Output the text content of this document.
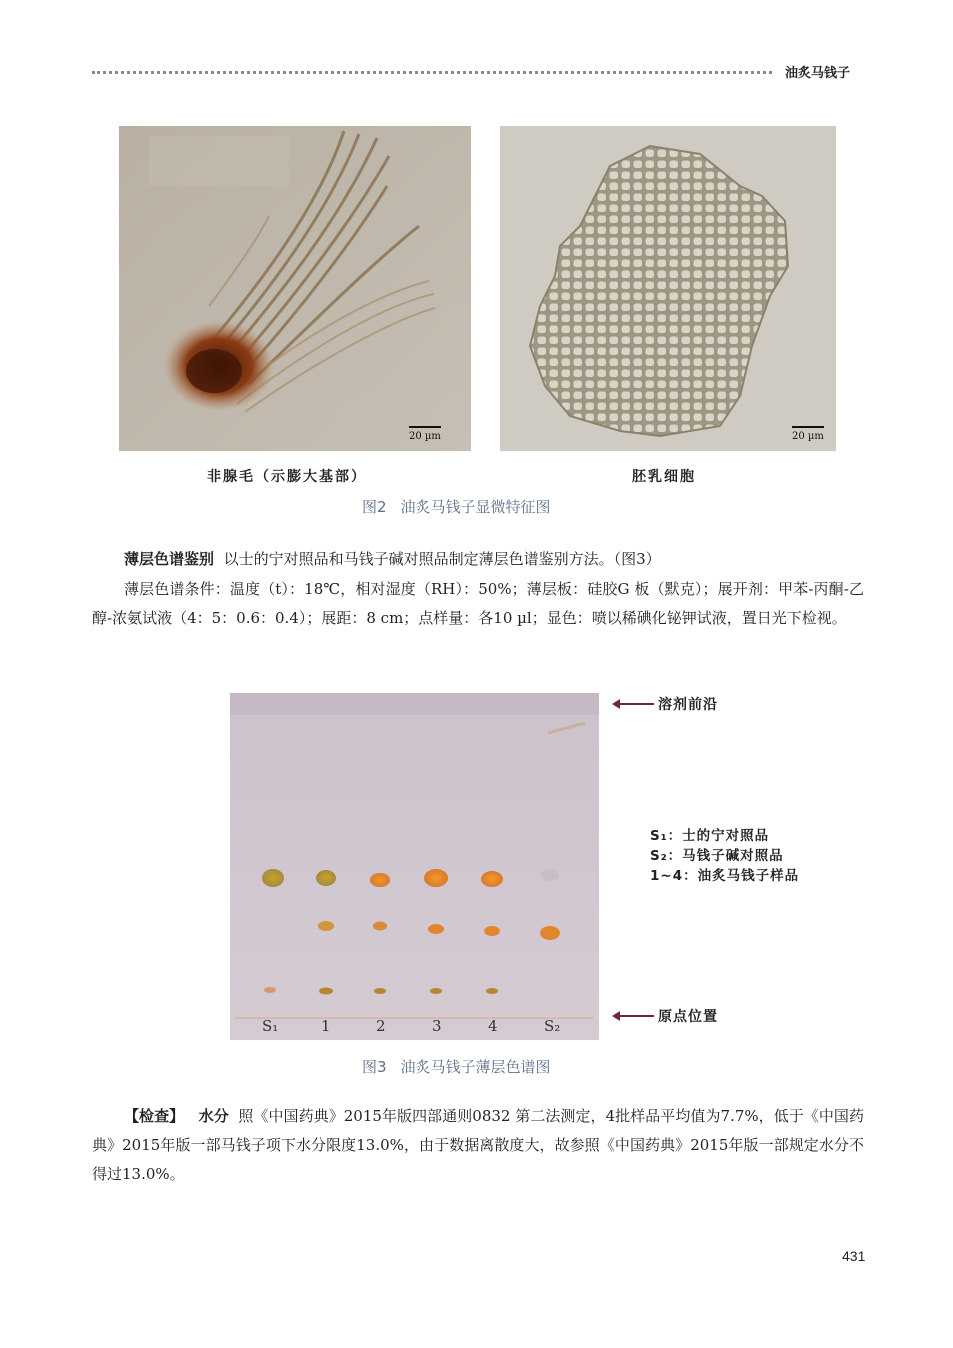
油炙马钱子
20 µm	20 µm
非腺毛（示膨大基部）	胚乳细胞
图2 油炙马钱子显微特征图
薄层色谱鉴别 以士的宁对照品和马钱子碱对照品制定薄层色谱鉴别方法。（图3）
薄层色谱条件：温度（t）：18℃，相对湿度（RH）：50%；薄层板：硅胶G 板（默克）；展开剂：甲苯-丙酮-乙醇-浓氨试液（4：5：0.6：0.4）；展距：8 cm；点样量：各10 µl；显色：喷以稀碘化铋钾试液，置日光下检视。
S₁	1	2	3	4	S₂
溶剂前沿
原点位置
S₁：士的宁对照品
S₂：马钱子碱对照品
1~4：油炙马钱子样品
图3 油炙马钱子薄层色谱图
【检查】 水分 照《中国药典》2015年版四部通则0832 第二法测定，4批样品平均值为7.7%，低于《中国药典》2015年版一部马钱子项下水分限度13.0%，由于数据离散度大，故参照《中国药典》2015年版一部规定水分不得过13.0%。
431
